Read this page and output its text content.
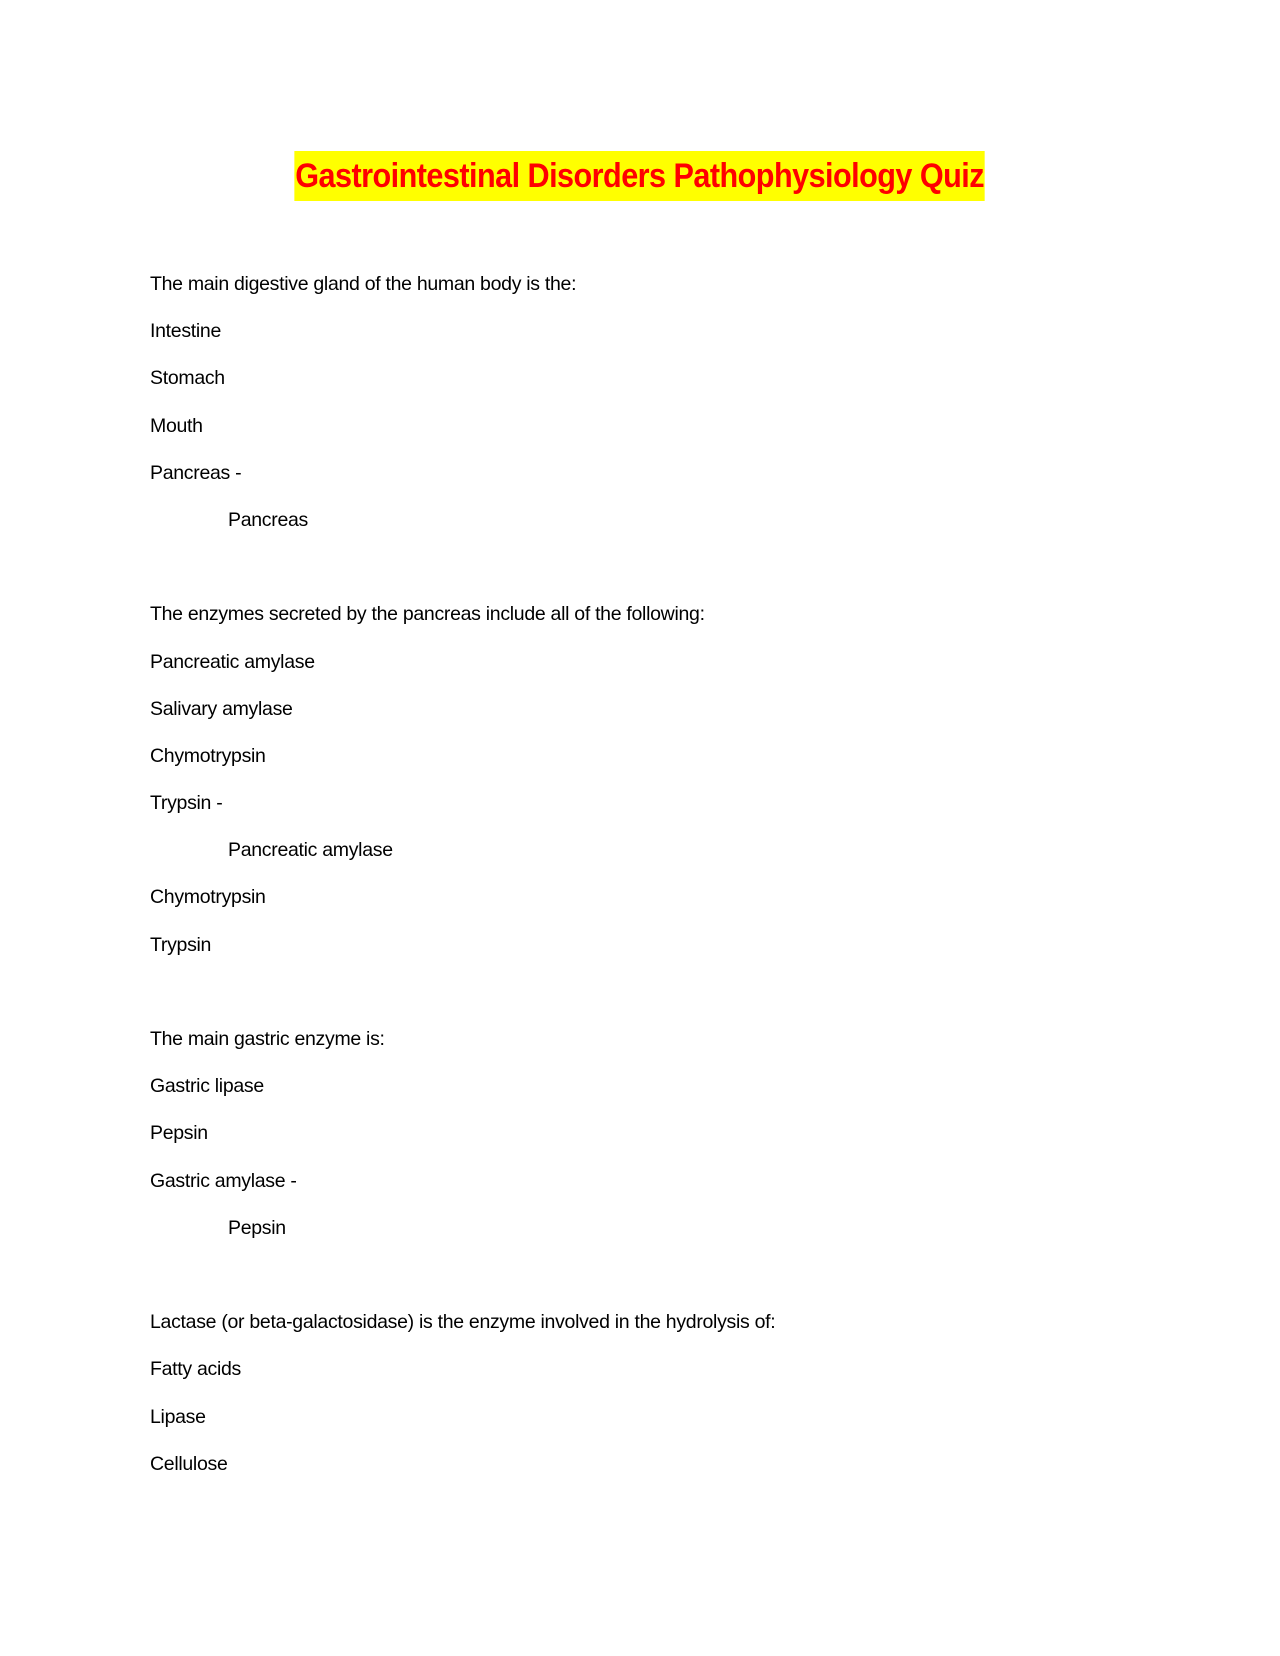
Gastrointestinal Disorders Pathophysiology Quiz
The main digestive gland of the human body is the:
Intestine
Stomach
Mouth
Pancreas -
Pancreas
The enzymes secreted by the pancreas include all of the following:
Pancreatic amylase
Salivary amylase
Chymotrypsin
Trypsin -
Pancreatic amylase
Chymotrypsin
Trypsin
The main gastric enzyme is:
Gastric lipase
Pepsin
Gastric amylase -
Pepsin
Lactase (or beta-galactosidase) is the enzyme involved in the hydrolysis of:
Fatty acids
Lipase
Cellulose
